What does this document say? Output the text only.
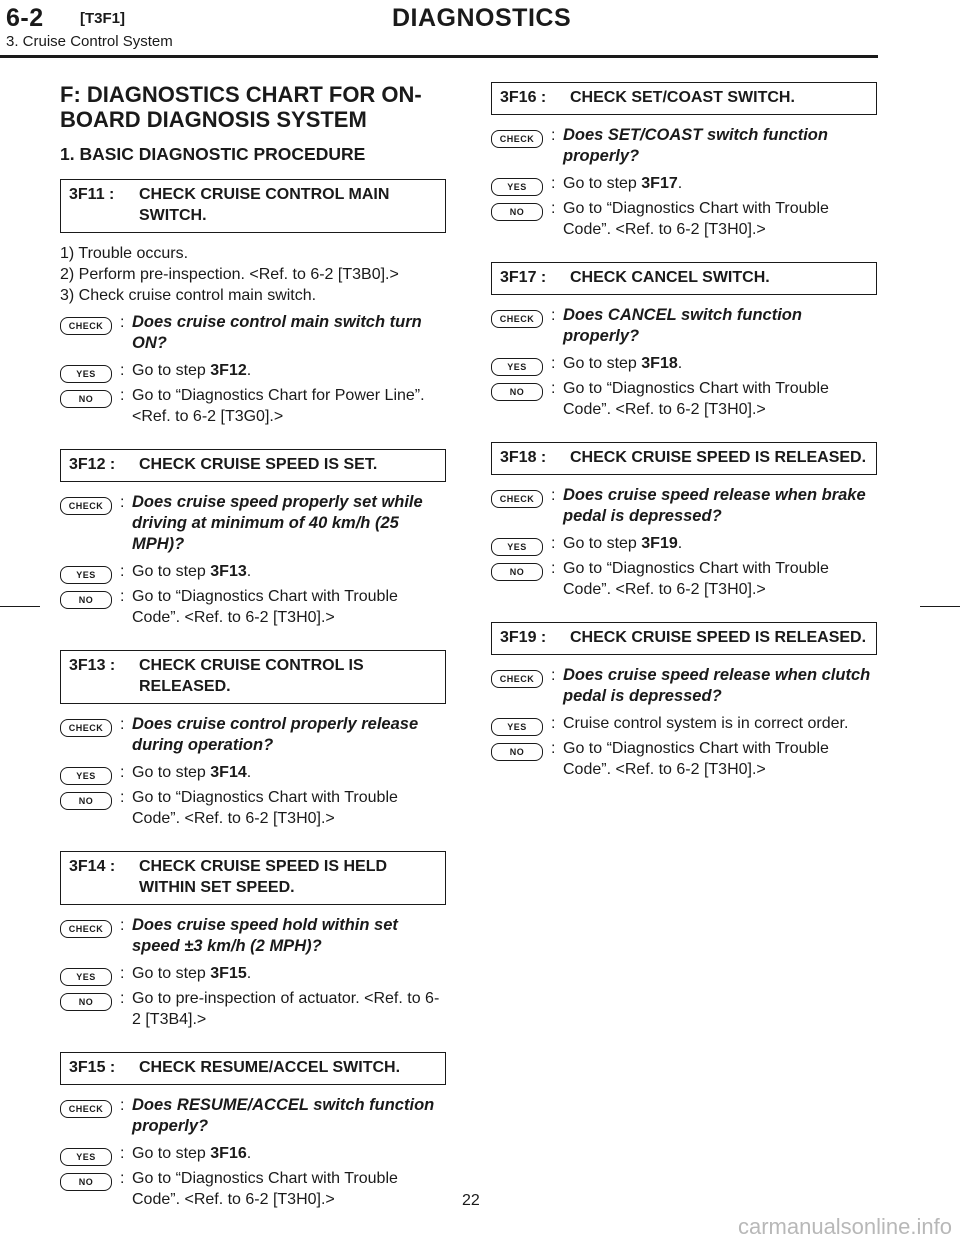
6-2 [T3F1]	DIAGNOSTICS
3. Cruise Control System
F: DIAGNOSTICS CHART FOR ON-BOARD DIAGNOSIS SYSTEM
1. BASIC DIAGNOSTIC PROCEDURE
3F11 :	CHECK CRUISE CONTROL MAIN SWITCH.
1) Trouble occurs.
2) Perform pre-inspection. <Ref. to 6-2 [T3B0].>
3) Check cruise control main switch.
CHECK	: Does cruise control main switch turn ON?
YES	: Go to step 3F12.
NO	: Go to “Diagnostics Chart for Power Line”. <Ref. to 6-2 [T3G0].>
3F12 :	CHECK CRUISE SPEED IS SET.
CHECK	: Does cruise speed properly set while driving at minimum of 40 km/h (25 MPH)?
YES	: Go to step 3F13.
NO	: Go to “Diagnostics Chart with Trouble Code”. <Ref. to 6-2 [T3H0].>
3F13 :	CHECK CRUISE CONTROL IS RELEASED.
CHECK	: Does cruise control properly release during operation?
YES	: Go to step 3F14.
NO	: Go to “Diagnostics Chart with Trouble Code”. <Ref. to 6-2 [T3H0].>
3F14 :	CHECK CRUISE SPEED IS HELD WITHIN SET SPEED.
CHECK	: Does cruise speed hold within set speed ±3 km/h (2 MPH)?
YES	: Go to step 3F15.
NO	: Go to pre-inspection of actuator. <Ref. to 6-2 [T3B4].>
3F15 :	CHECK RESUME/ACCEL SWITCH.
CHECK	: Does RESUME/ACCEL switch function properly?
YES	: Go to step 3F16.
NO	: Go to “Diagnostics Chart with Trouble Code”. <Ref. to 6-2 [T3H0].>
3F16 :	CHECK SET/COAST SWITCH.
CHECK	: Does SET/COAST switch function properly?
YES	: Go to step 3F17.
NO	: Go to “Diagnostics Chart with Trouble Code”. <Ref. to 6-2 [T3H0].>
3F17 :	CHECK CANCEL SWITCH.
CHECK	: Does CANCEL switch function properly?
YES	: Go to step 3F18.
NO	: Go to “Diagnostics Chart with Trouble Code”. <Ref. to 6-2 [T3H0].>
3F18 :	CHECK CRUISE SPEED IS RELEASED.
CHECK	: Does cruise speed release when brake pedal is depressed?
YES	: Go to step 3F19.
NO	: Go to “Diagnostics Chart with Trouble Code”. <Ref. to 6-2 [T3H0].>
3F19 :	CHECK CRUISE SPEED IS RELEASED.
CHECK	: Does cruise speed release when clutch pedal is depressed?
YES	: Cruise control system is in correct order.
NO	: Go to “Diagnostics Chart with Trouble Code”. <Ref. to 6-2 [T3H0].>
22
carmanualsonline.info
